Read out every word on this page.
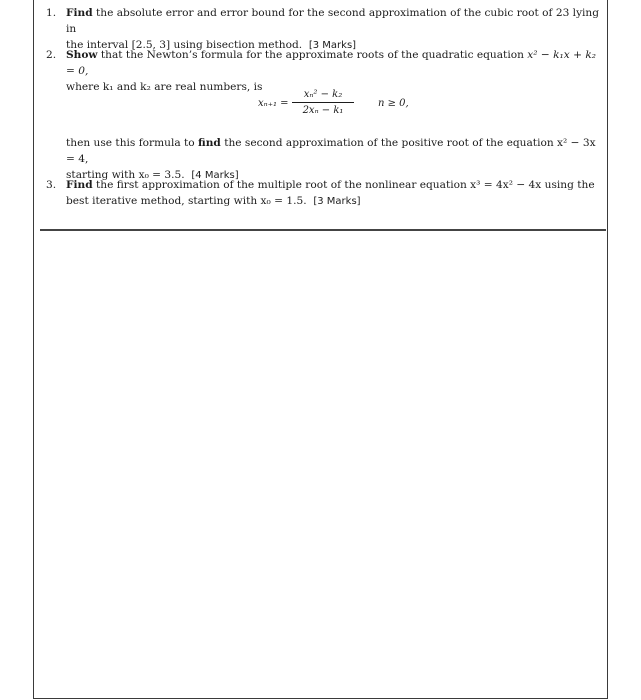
1. Find the absolute error and error bound for the second approximation of the cubic root of 23 lying in
the interval [2.5, 3] using bisection method. [3 Marks]
2. Show that the Newton’s formula for the approximate roots of the quadratic equation x² − k₁x + k₂ = 0,
where k₁ and k₂ are real numbers, is
$x_{n+1} = \frac{\text{xₙ² − k₂}}{\text{2xₙ − k₁}}$ n ≥ 0,
then use this formula to find the second approximation of the positive root of the equation x² − 3x = 4,
starting with x₀ = 3.5. [4 Marks]
3. Find the first approximation of the multiple root of the nonlinear equation x³ = 4x² − 4x using the
best iterative method, starting with x₀ = 1.5. [3 Marks]
